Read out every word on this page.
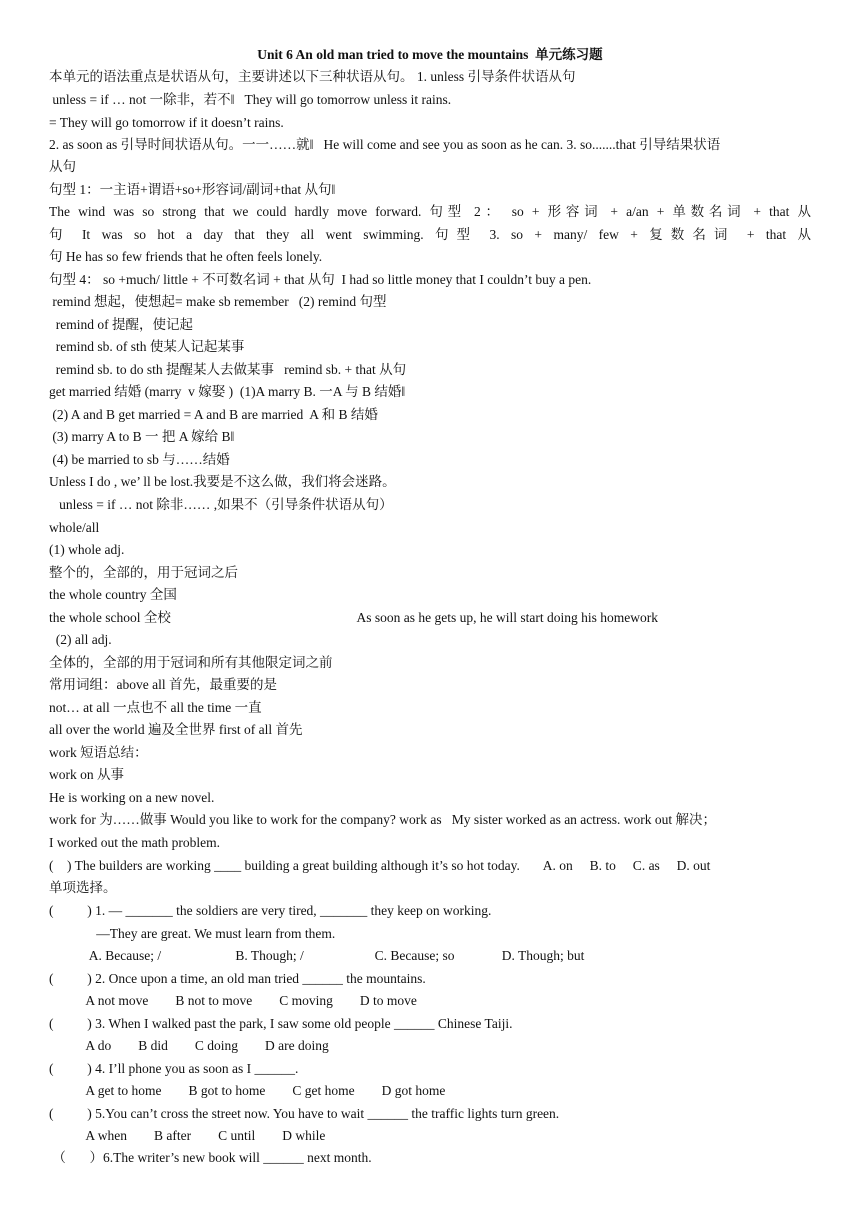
Unit 6 An old man tried to move the mountains  单元练习题
本单元的语法重点是状语从句，主要讲述以下三种状语从句。 1. unless 引导条件状语从句
unless = if … not 一除非，若不‖   They will go tomorrow unless it rains.
= They will go tomorrow if it doesn’t rains.
2. as soon as 引导时间状语从句。一一……就‖   He will come and see you as soon as he can. 3. so.......that 引导结果状语
从句
句型 1：一主语+谓语+so+形容词/副词+that 从句‖
The wind was so strong that we could hardly move forward. 句型 2： so + 形容词 + a/an + 单数名词 + that 从
句 It was so hot a day that they all went swimming. 句型 3. so + many/ few + 复数名词 + that 从
句 He has so few friends that he often feels lonely.
句型 4： so +much/ little + 不可数名词 + that 从句  I had so little money that I couldn’t buy a pen.
remind 想起，使想起= make sb remember   (2) remind 句型
remind of 提醒，使记起
remind sb. of sth 使某人记起某事
remind sb. to do sth 提醒某人去做某事   remind sb. + that 从句
get married 结婚 (marry  v 嫁娶 )  (1)A marry B. 一A 与 B 结婚‖
(2) A and B get married = A and B are married  A 和 B 结婚
(3) marry A to B 一 把 A 嫁给 B‖
(4) be married to sb 与……结婚
Unless I do , we’ ll be lost.我要是不这么做，我们将会迷路。
unless = if … not 除非…… ,如果不（引导条件状语从句）
whole/all
(1) whole adj.
整个的，全部的，用于冠词之后
the whole country 全国
the whole school 全校                                                       As soon as he gets up, he will start doing his homework
(2) all adj.
全体的，全部的用于冠词和所有其他限定词之前
常用词组：above all 首先，最重要的是
not… at all 一点也不 all the time 一直
all over the world 遍及全世界 first of all 首先
work 短语总结：
work on 从事
He is working on a new novel.
work for 为……做事 Would you like to work for the company? work as   My sister worked as an actress. work out 解决；
I worked out the math problem.
(    ) The builders are working ____ building a great building although it’s so hot today.       A. on     B. to     C. as     D. out
单项选择。
(          ) 1. — _______ the soldiers are very tired, _______ they keep on working.
—They are great. We must learn from them.
A. Because; /                      B. Though; /                     C. Because; so              D. Though; but
(          ) 2. Once upon a time, an old man tried ______ the mountains.
A not move        B not to move        C moving        D to move
(          ) 3. When I walked past the park, I saw some old people ______ Chinese Taiji.
A do        B did        C doing        D are doing
(          ) 4. I’ll phone you as soon as I ______.
A get to home        B got to home        C get home        D got home
(          ) 5.You can’t cross the street now. You have to wait ______ the traffic lights turn green.
A when        B after        C until        D while
（       ）6.The writer’s new book will ______ next month.
